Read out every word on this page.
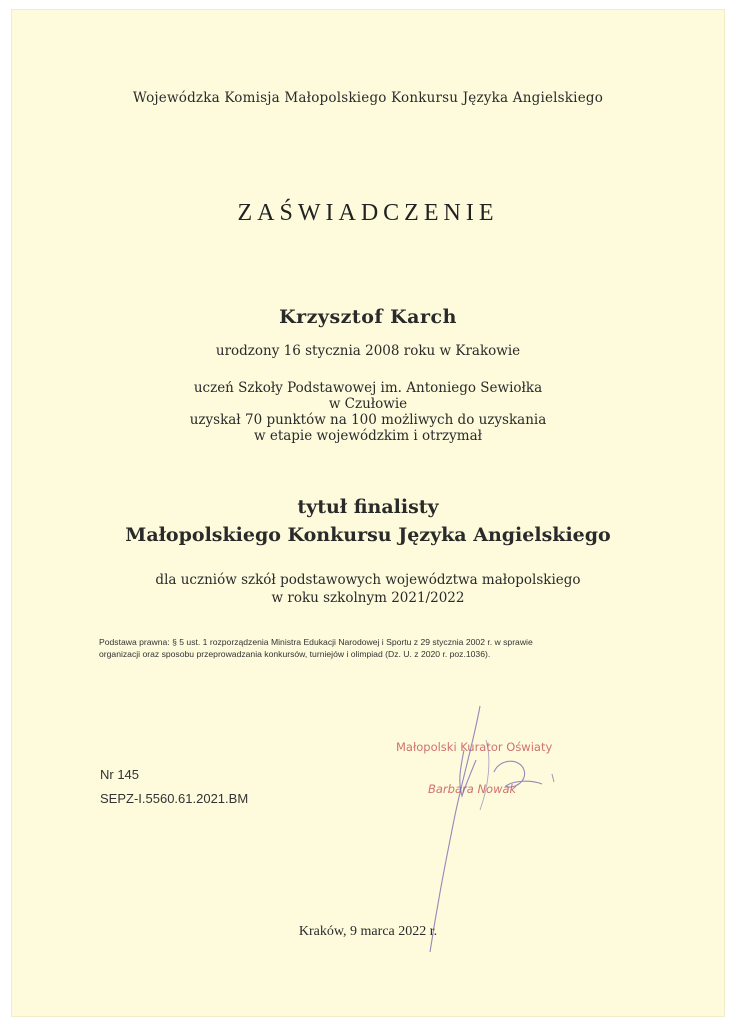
Wojewódzka Komisja Małopolskiego Konkursu Języka Angielskiego
ZAŚWIADCZENIE
Krzysztof Karch
urodzony 16 stycznia 2008 roku w Krakowie
uczeń Szkoły Podstawowej im. Antoniego Sewiołka
w Czułowie
uzyskał 70 punktów na 100 możliwych do uzyskania
w etapie wojewódzkim i otrzymał
tytuł finalisty
Małopolskiego Konkursu Języka Angielskiego
dla uczniów szkół podstawowych województwa małopolskiego
w roku szkolnym 2021/2022
Podstawa prawna: § 5 ust. 1 rozporządzenia Ministra Edukacji Narodowej i Sportu z 29 stycznia 2002 r. w sprawie
organizacji oraz sposobu przeprowadzania konkursów, turniejów i olimpiad (Dz. U. z 2020 r. poz.1036).
Nr 145
SEPZ-I.5560.61.2021.BM
Małopolski Kurator Oświaty
Barbara Nowak
Kraków, 9 marca 2022 r.
